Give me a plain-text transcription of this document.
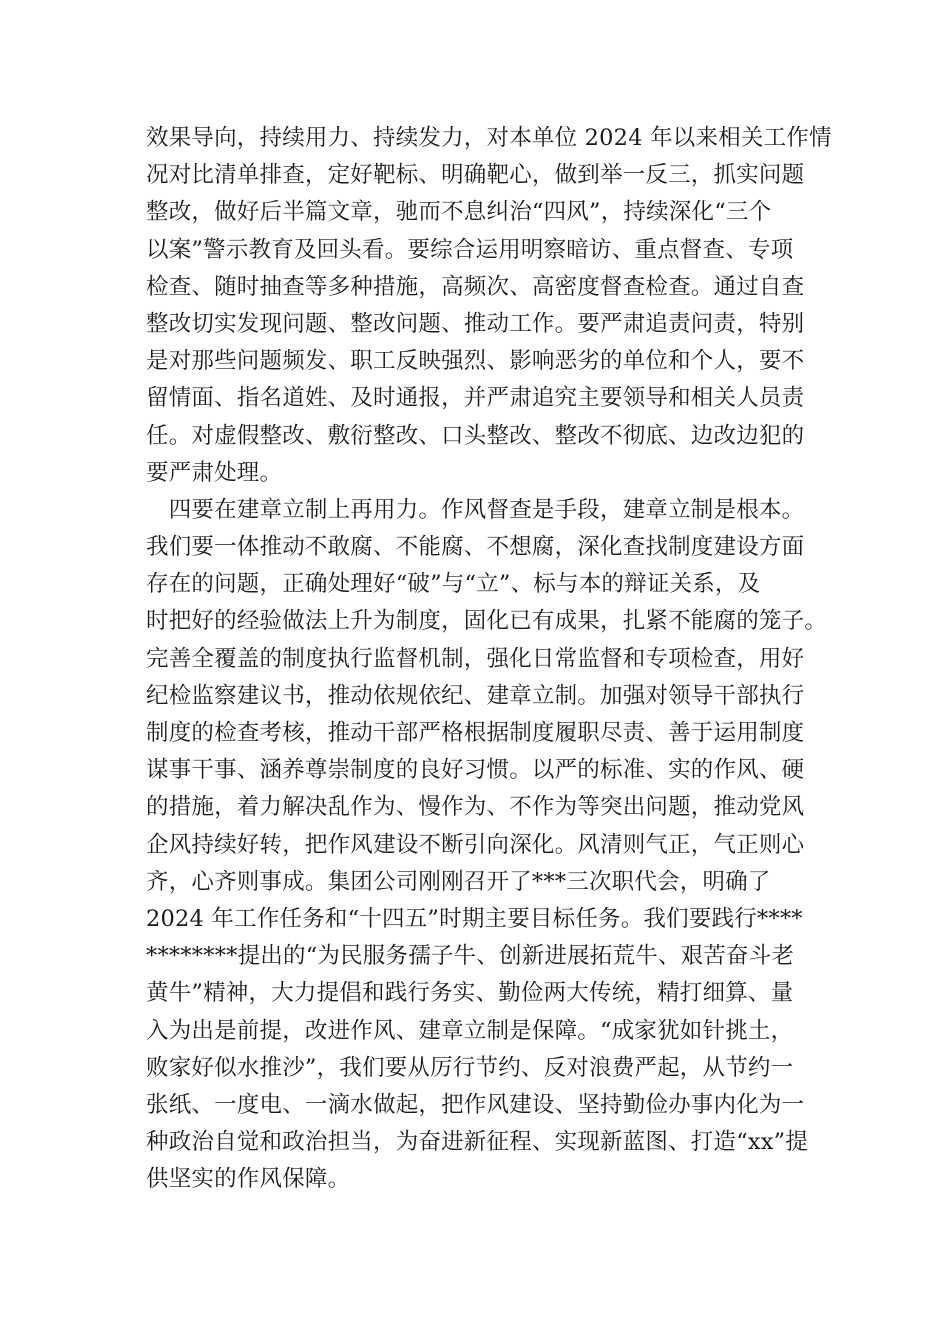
效果导向，持续用力、持续发力，对本单位 2024 年以来相关工作情
况对比清单排查，定好靶标、明确靶心，做到举一反三，抓实问题
整改，做好后半篇文章，驰而不息纠治“四风”，持续深化“三个
以案”警示教育及回头看。要综合运用明察暗访、重点督查、专项
检查、随时抽查等多种措施，高频次、高密度督查检查。通过自查
整改切实发现问题、整改问题、推动工作。要严肃追责问责，特别
是对那些问题频发、职工反映强烈、影响恶劣的单位和个人，要不
留情面、指名道姓、及时通报，并严肃追究主要领导和相关人员责
任。对虚假整改、敷衍整改、口头整改、整改不彻底、边改边犯的
要严肃处理。
　四要在建章立制上再用力。作风督查是手段，建章立制是根本。
我们要一体推动不敢腐、不能腐、不想腐，深化查找制度建设方面
存在的问题，正确处理好“破”与“立”、标与本的辩证关系，及
时把好的经验做法上升为制度，固化已有成果，扎紧不能腐的笼子。
完善全覆盖的制度执行监督机制，强化日常监督和专项检查，用好
纪检监察建议书，推动依规依纪、建章立制。加强对领导干部执行
制度的检查考核，推动干部严格根据制度履职尽责、善于运用制度
谋事干事、涵养尊崇制度的良好习惯。以严的标准、实的作风、硬
的措施，着力解决乱作为、慢作为、不作为等突出问题，推动党风
企风持续好转，把作风建设不断引向深化。风清则气正，气正则心
齐，心齐则事成。集团公司刚刚召开了***三次职代会，明确了
2024 年工作任务和“十四五”时期主要目标任务。我们要践行****
********提出的“为民服务孺子牛、创新进展拓荒牛、艰苦奋斗老
黄牛”精神，大力提倡和践行务实、勤俭两大传统，精打细算、量
入为出是前提，改进作风、建章立制是保障。“成家犹如针挑土，
败家好似水推沙”，我们要从厉行节约、反对浪费严起，从节约一
张纸、一度电、一滴水做起，把作风建设、坚持勤俭办事内化为一
种政治自觉和政治担当，为奋进新征程、实现新蓝图、打造“xx”提
供坚实的作风保障。
